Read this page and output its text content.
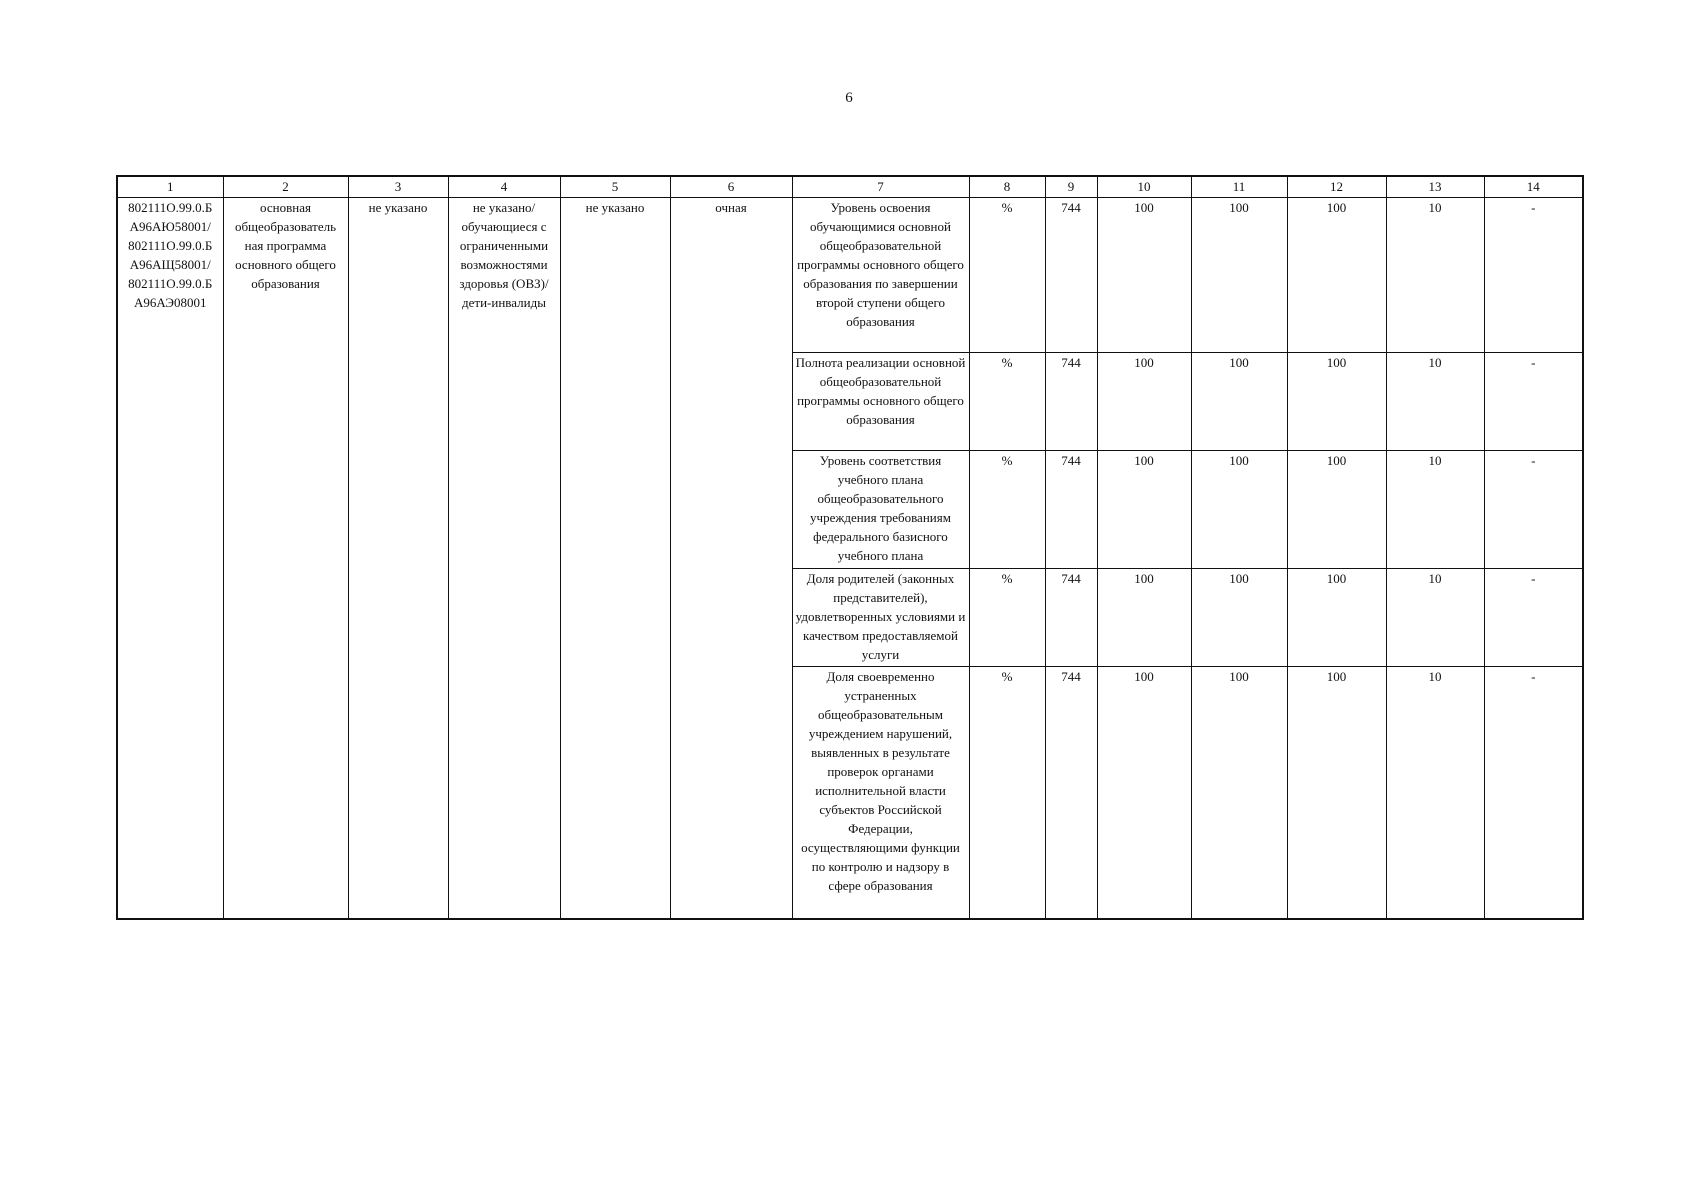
6
1	2	3	4	5	6	7	8	9	10	11	12	13	14
802111О.99.0.Б А96АЮ58001/ 802111О.99.0.Б А96АЩ58001/ 802111О.99.0.Б А96АЭ08001	основная общеобразователь ная программа основного общего образования	не указано	не указано/ обучающиеся с ограниченными возможностями здоровья (ОВЗ)/ дети-инвалиды	не указано	очная	Уровень освоения обучающимися основной общеобразовательной программы основного общего образования по завершении второй ступени общего образования	%	744	100	100	100	10	-
						Полнота реализации основной общеобразовательной программы основного общего образования	%	744	100	100	100	10	-
						Уровень соответствия учебного плана общеобразовательного учреждения требованиям федерального базисного учебного плана	%	744	100	100	100	10	-
						Доля родителей (законных представителей), удовлетворенных условиями и качеством предоставляемой услуги	%	744	100	100	100	10	-
						Доля своевременно устраненных общеобразовательным учреждением нарушений, выявленных в результате проверок органами исполнительной власти субъектов Российской Федерации, осуществляющими функции по контролю и надзору в сфере образования	%	744	100	100	100	10	-
